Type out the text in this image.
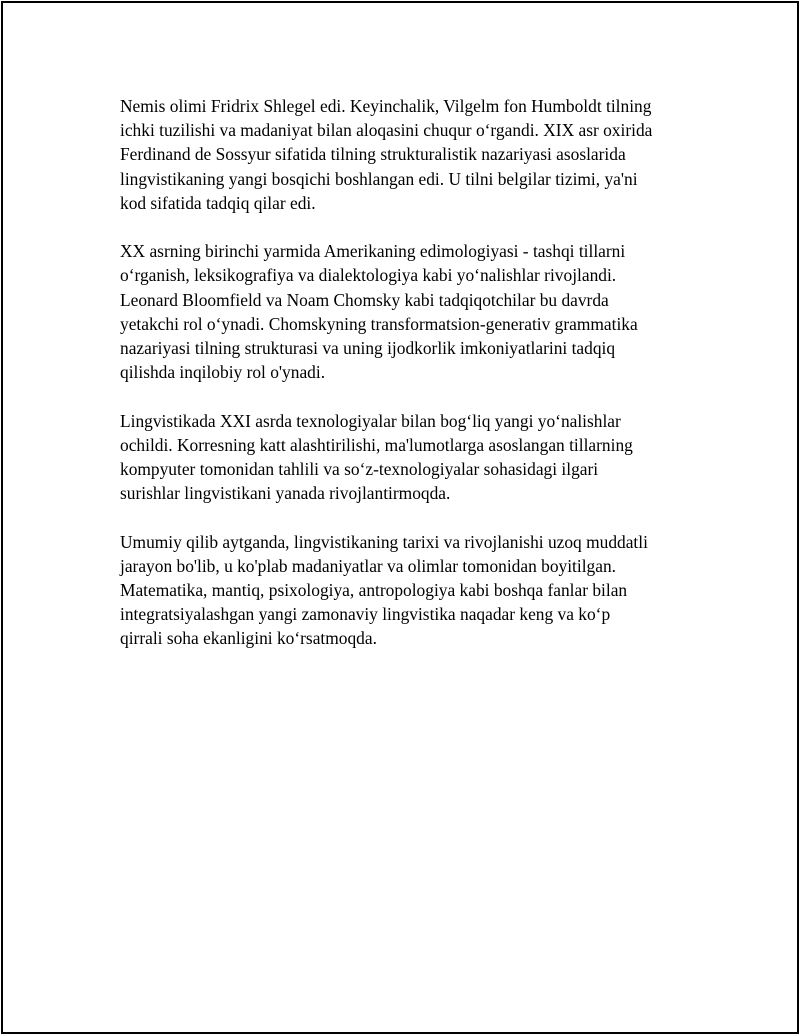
Nemis olimi Fridrix Shlegel edi. Keyinchalik, Vilgelm fon Humboldt tilning
ichki tuzilishi va madaniyat bilan aloqasini chuqur o‘rgandi. XIX asr oxirida
Ferdinand de Sossyur sifatida tilning strukturalistik nazariyasi asoslarida
lingvistikaning yangi bosqichi boshlangan edi. U tilni belgilar tizimi, ya'ni
kod sifatida tadqiq qilar edi.

XX asrning birinchi yarmida Amerikaning edimologiyasi - tashqi tillarni
o‘rganish, leksikografiya va dialektologiya kabi yo‘nalishlar rivojlandi.
Leonard Bloomfield va Noam Chomsky kabi tadqiqotchilar bu davrda
yetakchi rol o‘ynadi. Chomskyning transformatsion-generativ grammatika
nazariyasi tilning strukturasi va uning ijodkorlik imkoniyatlarini tadqiq
qilishda inqilobiy rol o'ynadi.

Lingvistikada XXI asrda texnologiyalar bilan bog‘liq yangi yo‘nalishlar
ochildi. Korresning katt alashtirilishi, ma'lumotlarga asoslangan tillarning
kompyuter tomonidan tahlili va so‘z-texnologiyalar sohasidagi ilgari
surishlar lingvistikani yanada rivojlantirmoqda.

Umumiy qilib aytganda, lingvistikaning tarixi va rivojlanishi uzoq muddatli
jarayon bo'lib, u ko'plab madaniyatlar va olimlar tomonidan boyitilgan.
Matematika, mantiq, psixologiya, antropologiya kabi boshqa fanlar bilan
integratsiyalashgan yangi zamonaviy lingvistika naqadar keng va ko‘p
qirrali soha ekanligini ko‘rsatmoqda.
